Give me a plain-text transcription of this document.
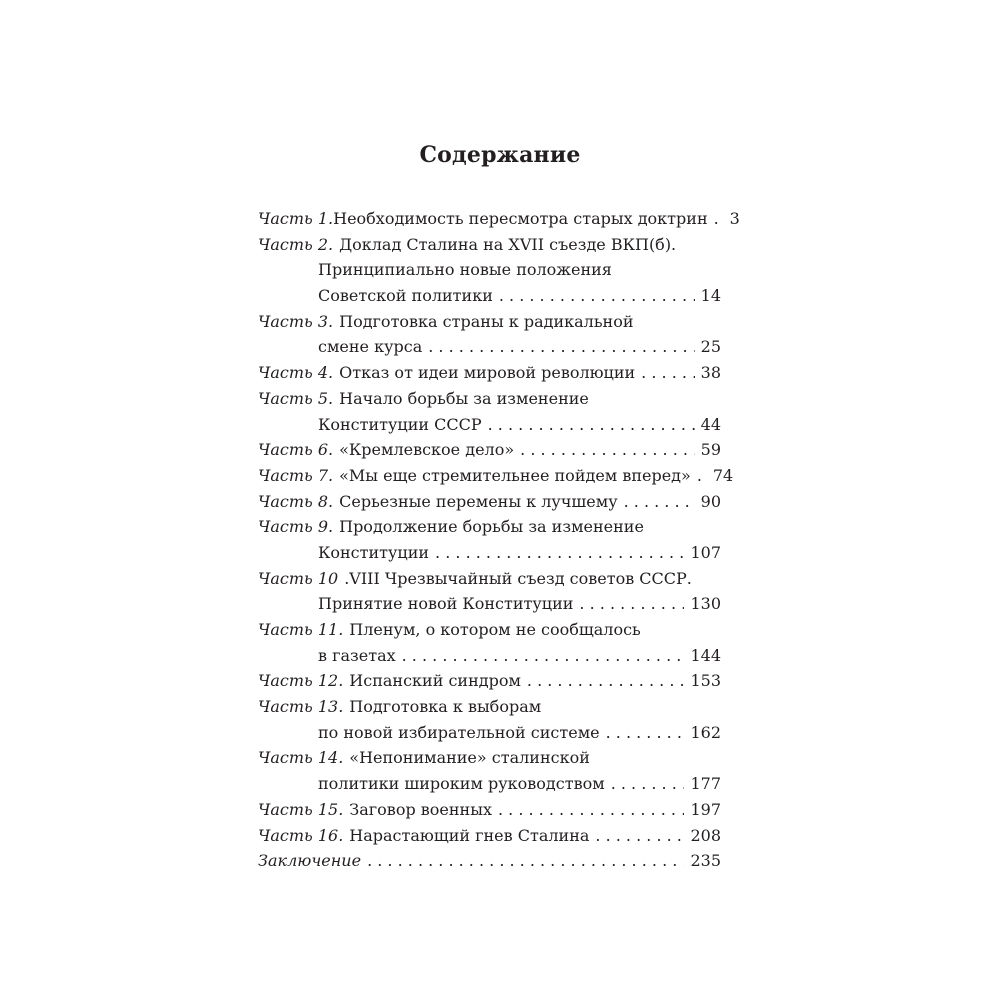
Содержание
Часть 1. Необходимость пересмотра старых доктрин . . . 3
Часть 2. Доклад Сталина на XVII съезде ВКП(б).
Принципиально новые положения
Советской политики . . .	14
Часть 3. Подготовка страны к радикальной
смене курса . . .	25
Часть 4. Отказ от идеи мировой революции . . .	38
Часть 5. Начало борьбы за изменение
Конституции СССР . . .	44
Часть 6. «Кремлевское дело» . . .	59
Часть 7. «Мы еще стремительнее пойдем вперед» . . . 74
Часть 8. Серьезные перемены к лучшему . . .	90
Часть 9. Продолжение борьбы за изменение
Конституции . . .	107
Часть 10 .VIII Чрезвычайный съезд советов СССР.
Принятие новой Конституции . . .	130
Часть 11. Пленум, о котором не сообщалось
в газетах . . .	144
Часть 12. Испанский синдром . . .	153
Часть 13. Подготовка к выборам
по новой избирательной системе . . .	162
Часть 14. «Непонимание» сталинской
политики широким руководством . . .	177
Часть 15. Заговор военных . . .	197
Часть 16. Нарастающий гнев Сталина . . .	208
Заключение . . .	235
